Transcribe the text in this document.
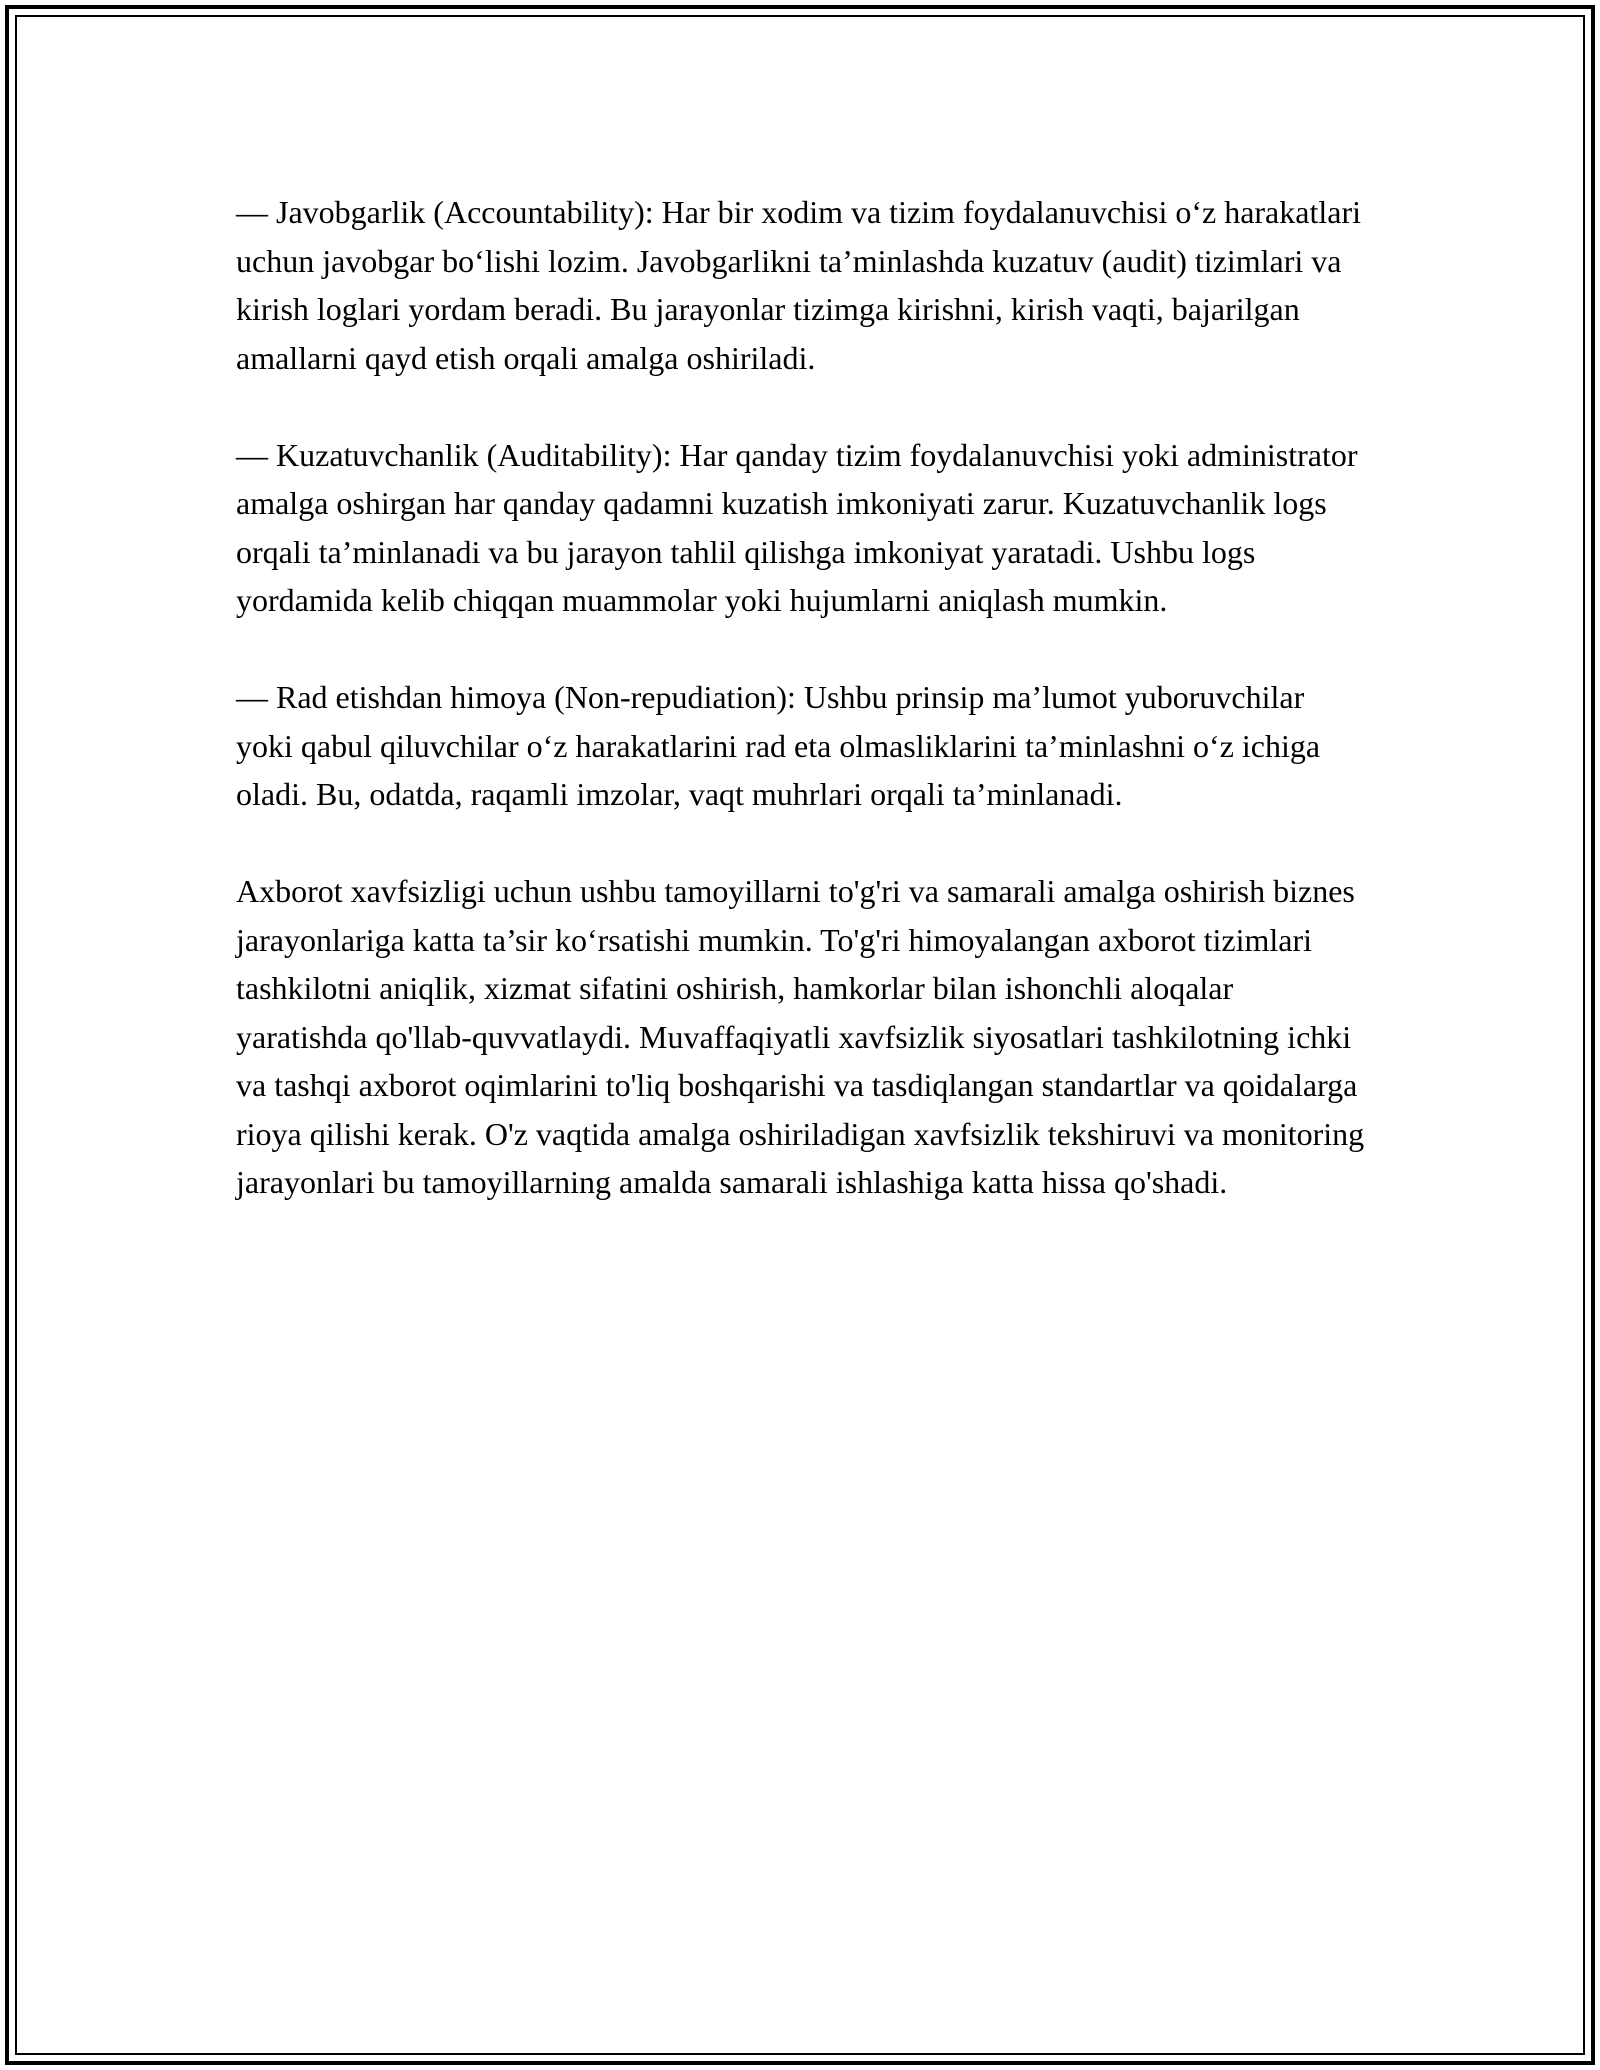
— Javobgarlik (Accountability): Har bir xodim va tizim foydalanuvchisi o‘z harakatlari uchun javobgar bo‘lishi lozim. Javobgarlikni ta’minlashda kuzatuv (audit) tizimlari va kirish loglari yordam beradi. Bu jarayonlar tizimga kirishni, kirish vaqti, bajarilgan amallarni qayd etish orqali amalga oshiriladi.

— Kuzatuvchanlik (Auditability): Har qanday tizim foydalanuvchisi yoki administrator amalga oshirgan har qanday qadamni kuzatish imkoniyati zarur. Kuzatuvchanlik logs orqali ta’minlanadi va bu jarayon tahlil qilishga imkoniyat yaratadi. Ushbu logs yordamida kelib chiqqan muammolar yoki hujumlarni aniqlash mumkin.

— Rad etishdan himoya (Non-repudiation): Ushbu prinsip ma’lumot yuboruvchilar yoki qabul qiluvchilar o‘z harakatlarini rad eta olmasliklarini ta’minlashni o‘z ichiga oladi. Bu, odatda, raqamli imzolar, vaqt muhrlari orqali ta’minlanadi.

Axborot xavfsizligi uchun ushbu tamoyillarni to'g'ri va samarali amalga oshirish biznes jarayonlariga katta ta’sir ko‘rsatishi mumkin. To'g'ri himoyalangan axborot tizimlari tashkilotni aniqlik, xizmat sifatini oshirish, hamkorlar bilan ishonchli aloqalar yaratishda qo'llab-quvvatlaydi. Muvaffaqiyatli xavfsizlik siyosatlari tashkilotning ichki va tashqi axborot oqimlarini to'liq boshqarishi va tasdiqlangan standartlar va qoidalarga rioya qilishi kerak. O'z vaqtida amalga oshiriladigan xavfsizlik tekshiruvi va monitoring jarayonlari bu tamoyillarning amalda samarali ishlashiga katta hissa qo'shadi.
